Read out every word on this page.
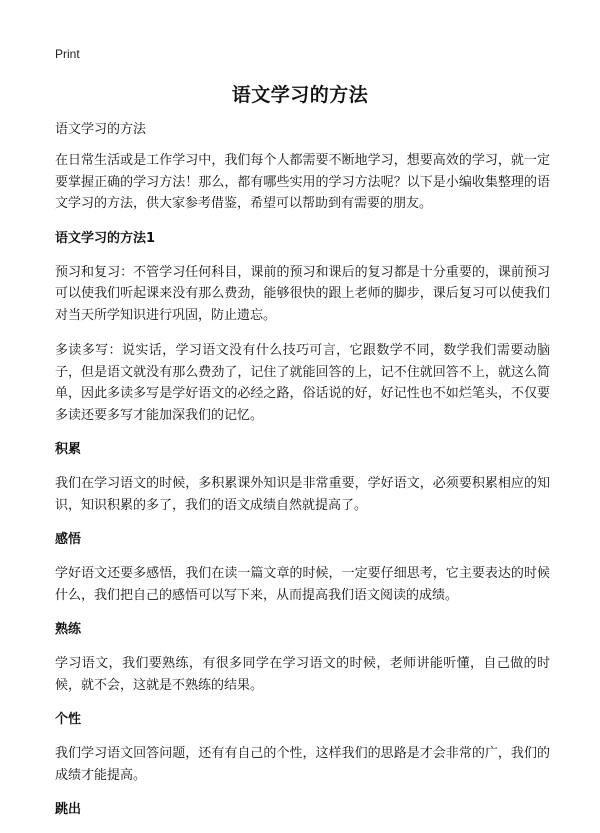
Print
语文学习的方法
语文学习的方法
在日常生活或是工作学习中，我们每个人都需要不断地学习，想要高效的学习，就一定要掌握正确的学习方法！那么，都有哪些实用的学习方法呢？以下是小编收集整理的语文学习的方法，供大家参考借鉴，希望可以帮助到有需要的朋友。
语文学习的方法1
预习和复习：不管学习任何科目，课前的预习和课后的复习都是十分重要的，课前预习可以使我们听起课来没有那么费劲，能够很快的跟上老师的脚步，课后复习可以使我们对当天所学知识进行巩固，防止遗忘。
多读多写：说实话，学习语文没有什么技巧可言，它跟数学不同，数学我们需要动脑子，但是语文就没有那么费劲了，记住了就能回答的上，记不住就回答不上，就这么简单，因此多读多写是学好语文的必经之路，俗话说的好，好记性也不如烂笔头，不仅要多读还要多写才能加深我们的记忆。
积累
我们在学习语文的时候，多积累课外知识是非常重要，学好语文，必须要积累相应的知识，知识积累的多了，我们的语文成绩自然就提高了。
感悟
学好语文还要多感悟，我们在读一篇文章的时候，一定要仔细思考，它主要表达的时候什么，我们把自己的感悟可以写下来，从而提高我们语文阅读的成绩。
熟练
学习语文，我们要熟练，有很多同学在学习语文的时候，老师讲能听懂，自己做的时候，就不会，这就是不熟练的结果。
个性
我们学习语文回答问题，还有有自己的个性，这样我们的思路是才会非常的广，我们的成绩才能提高。
跳出
